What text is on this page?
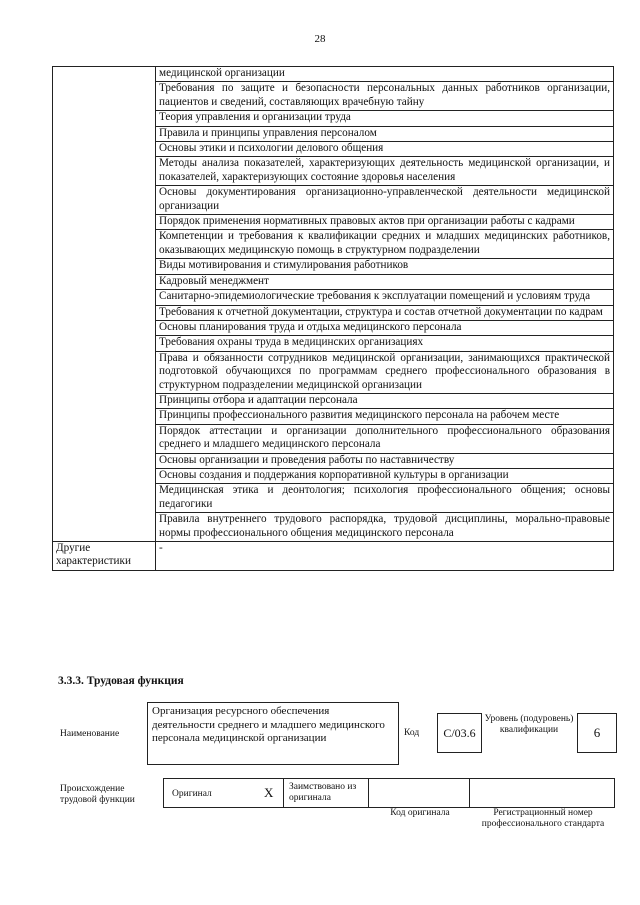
28
	медицинской организации
	Требования по защите и безопасности персональных данных работников организации, пациентов и сведений, составляющих врачебную тайну
	Теория управления и организации труда
	Правила и принципы управления персоналом
	Основы этики и психологии делового общения
	Методы анализа показателей, характеризующих деятельность медицинской организации, и показателей, характеризующих состояние здоровья населения
	Основы документирования организационно-управленческой деятельности медицинской организации
	Порядок применения нормативных правовых актов при организации работы с кадрами
	Компетенции и требования к квалификации средних и младших медицинских работников, оказывающих медицинскую помощь в структурном подразделении
	Виды мотивирования и стимулирования работников
	Кадровый менеджмент
	Санитарно-эпидемиологические требования к эксплуатации помещений и условиям труда
	Требования к отчетной документации, структура и состав отчетной документации по кадрам
	Основы планирования труда и отдыха медицинского персонала
	Требования охраны труда в медицинских организациях
	Права и обязанности сотрудников медицинской организации, занимающихся практической подготовкой обучающихся по программам среднего профессионального образования в структурном подразделении медицинской организации
	Принципы отбора и адаптации персонала
	Принципы профессионального развития медицинского персонала на рабочем месте
	Порядок аттестации и организации дополнительного профессионального образования среднего и младшего медицинского персонала
	Основы организации и проведения работы по наставничеству
	Основы создания и поддержания корпоративной культуры в организации
	Медицинская этика и деонтология; психология профессионального общения; основы педагогики
	Правила внутреннего трудового распорядка, трудовой дисциплины, морально-правовые нормы профессионального общения медицинского персонала
Другие характеристики	-
3.3.3. Трудовая функция
Наименование
Организация ресурсного обеспечения деятельности среднего и младшего медицинского персонала медицинской организации	Код С/03.6
Уровень (подуровень) квалификации	6
Происхождение трудовой функции
Оригинал	X Заимствовано из оригинала
Код оригинала	Регистрационный номер профессионального стандарта
